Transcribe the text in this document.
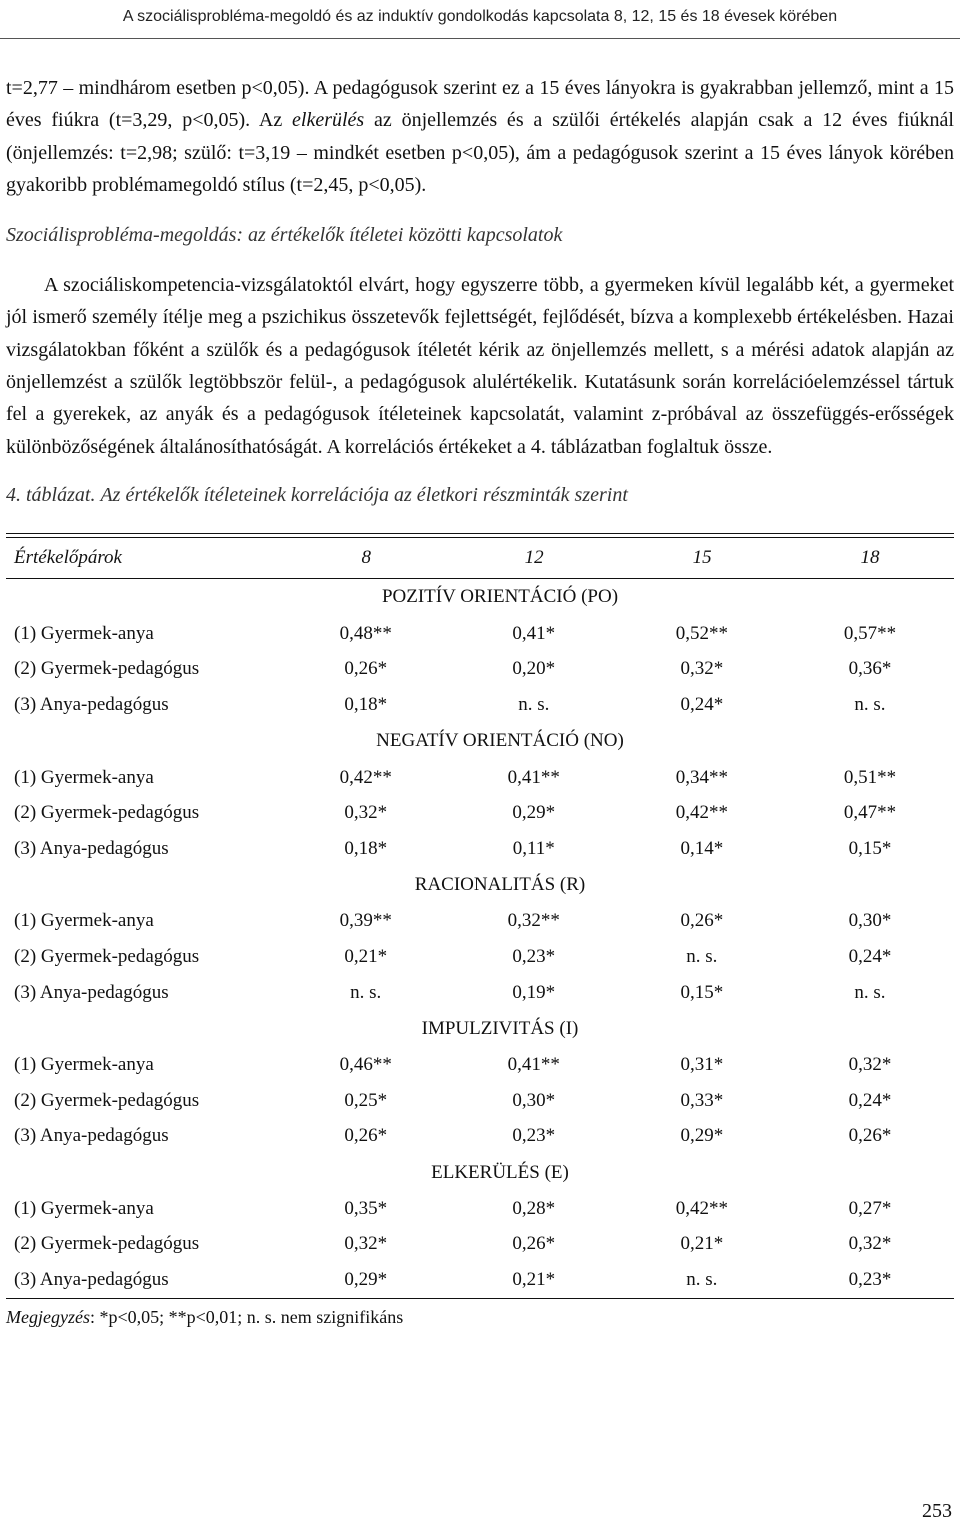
A szociálisprobléma-megoldó és az induktív gondolkodás kapcsolata 8, 12, 15 és 18 évesek körében

t=2,77 – mindhárom esetben p<0,05). A pedagógusok szerint ez a 15 éves lányokra is gyakrabban jellemző, mint a 15 éves fiúkra (t=3,29, p<0,05). Az elkerülés az önjellemzés és a szülői értékelés alapján csak a 12 éves fiúknál (önjellemzés: t=2,98; szülő: t=3,19 – mindkét esetben p<0,05), ám a pedagógusok szerint a 15 éves lányok körében gyakoribb problémamegoldó stílus (t=2,45, p<0,05).

Szociálisprobléma-megoldás: az értékelők ítéletei közötti kapcsolatok

A szociáliskompetencia-vizsgálatoktól elvárt, hogy egyszerre több, a gyermeken kívül legalább két, a gyermeket jól ismerő személy ítélje meg a pszichikus összetevők fejlettségét, fejlődését, bízva a komplexebb értékelésben. Hazai vizsgálatokban főként a szülők és a pedagógusok ítéletét kérik az önjellemzés mellett, s a mérési adatok alapján az önjellemzést a szülők legtöbbször felül-, a pedagógusok alulértékelik. Kutatásunk során korrelációelemzéssel tártuk fel a gyerekek, az anyák és a pedagógusok ítéleteinek kapcsolatát, valamint z-próbával az összefüggés-erősségek különbözőségének általánosíthatóságát. A korrelációs értékeket a 4. táblázatban foglaltuk össze.

4. táblázat. Az értékelők ítéleteinek korrelációja az életkori részminták szerint
Értékelőpárok	8	12	15	18
POZITÍV ORIENTÁCIÓ (PO)				
(1) Gyermek-anya	0,48**	0,41*	0,52**	0,57**
(2) Gyermek-pedagógus	0,26*	0,20*	0,32*	0,36*
(3) Anya-pedagógus	0,18*	n. s.	0,24*	n. s.
NEGATÍV ORIENTÁCIÓ (NO)				
(1) Gyermek-anya	0,42**	0,41**	0,34**	0,51**
(2) Gyermek-pedagógus	0,32*	0,29*	0,42**	0,47**
(3) Anya-pedagógus	0,18*	0,11*	0,14*	0,15*
RACIONALITÁS (R)				
(1) Gyermek-anya	0,39**	0,32**	0,26*	0,30*
(2) Gyermek-pedagógus	0,21*	0,23*	n. s.	0,24*
(3) Anya-pedagógus	n. s.	0,19*	0,15*	n. s.
IMPULZIVITÁS (I)				
(1) Gyermek-anya	0,46**	0,41**	0,31*	0,32*
(2) Gyermek-pedagógus	0,25*	0,30*	0,33*	0,24*
(3) Anya-pedagógus	0,26*	0,23*	0,29*	0,26*
ELKERÜLÉS (E)				
(1) Gyermek-anya	0,35*	0,28*	0,42**	0,27*
(2) Gyermek-pedagógus	0,32*	0,26*	0,21*	0,32*
(3) Anya-pedagógus	0,29*	0,21*	n. s.	0,23*
Megjegyzés: *p<0,05; **p<0,01; n. s. nem szignifikáns
253
